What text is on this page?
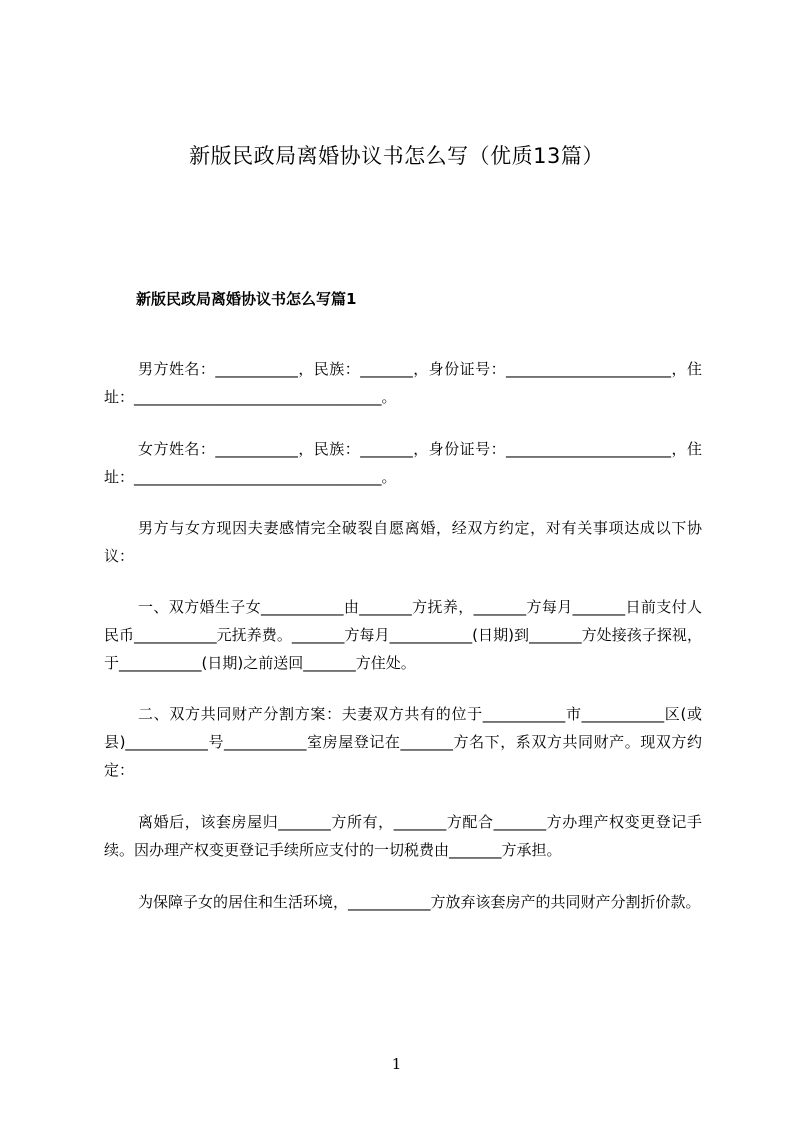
新版民政局离婚协议书怎么写（优质13篇）
新版民政局离婚协议书怎么写篇1

男方姓名：___________，民族：_______，身份证号：______________________，住址：_________________________________。

女方姓名：___________，民族：_______，身份证号：______________________，住址：_________________________________。

男方与女方现因夫妻感情完全破裂自愿离婚，经双方约定，对有关事项达成以下协议：

一、双方婚生子女___________由_______方抚养，_______方每月_______日前支付人民币___________元抚养费。_______方每月___________(日期)到_______方处接孩子探视，于___________(日期)之前送回_______方住处。

二、双方共同财产分割方案：夫妻双方共有的位于___________市___________区(或县)___________号___________室房屋登记在_______方名下，系双方共同财产。现双方约定：

离婚后，该套房屋归_______方所有，_______方配合_______方办理产权变更登记手续。因办理产权变更登记手续所应支付的一切税费由_______方承担。

为保障子女的居住和生活环境，___________方放弃该套房产的共同财产分割折价款。

1
